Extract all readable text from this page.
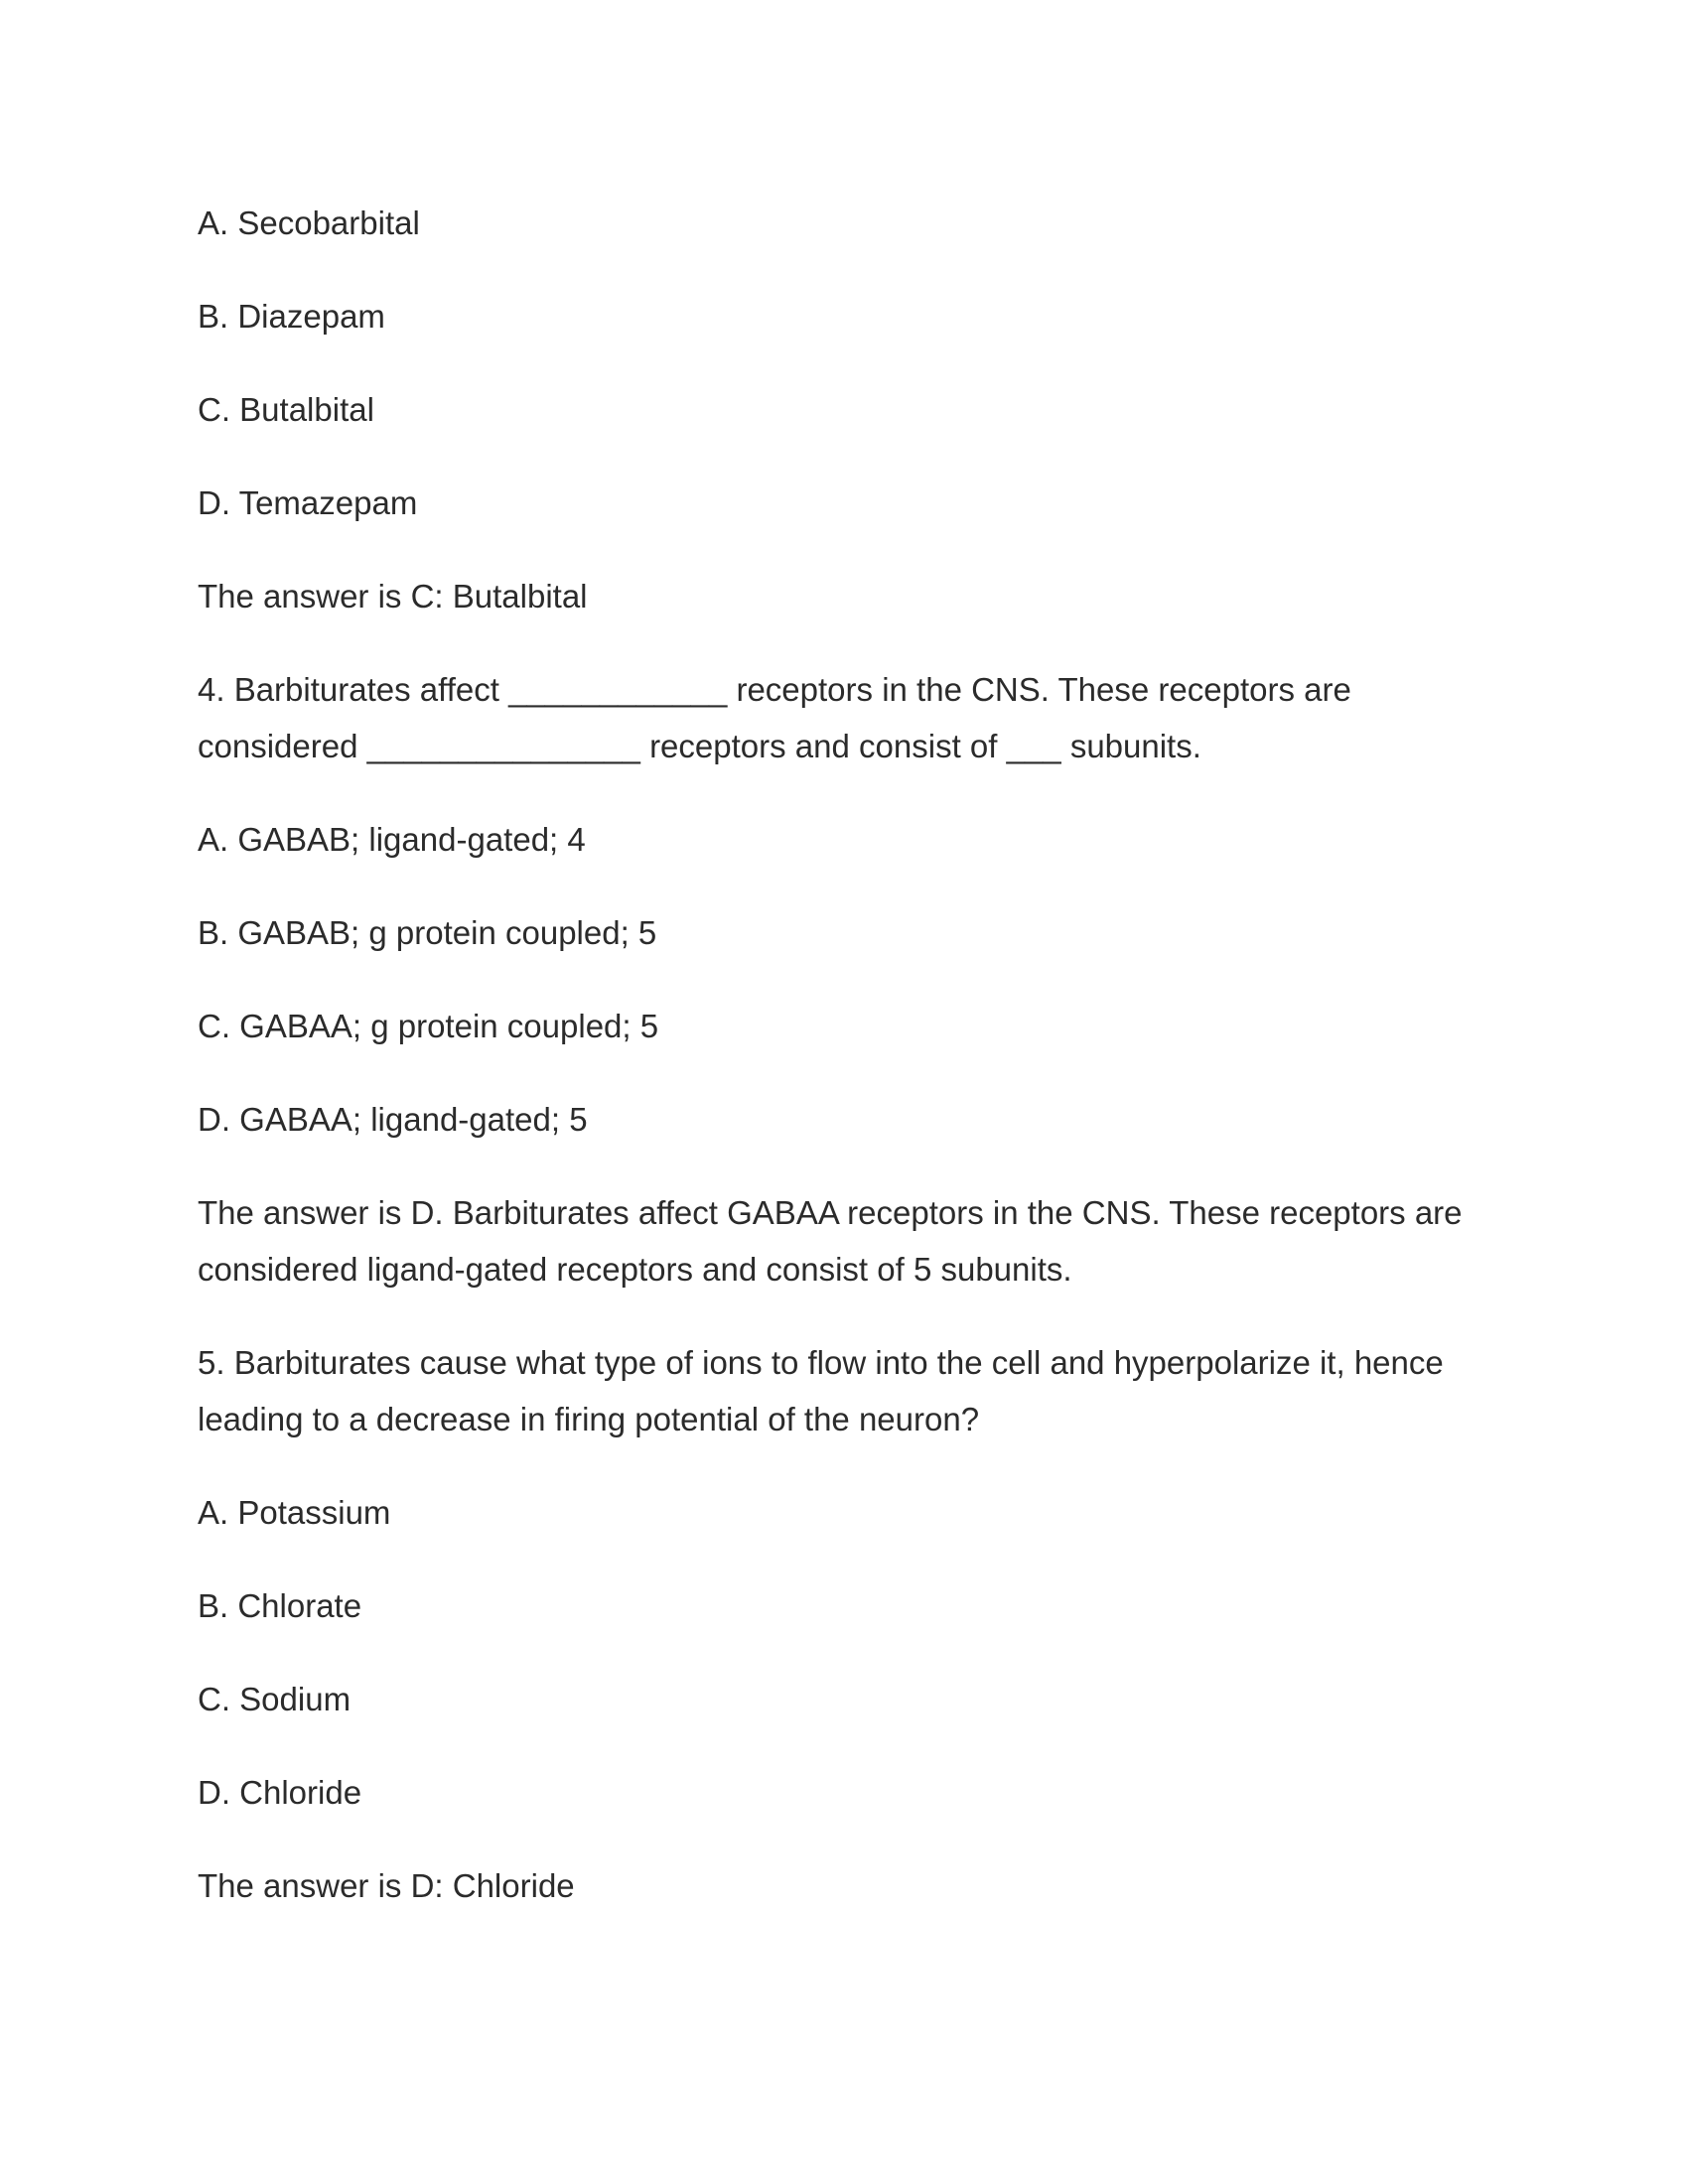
A. Secobarbital

B. Diazepam

C. Butalbital

D. Temazepam

The answer is C: Butalbital

4. Barbiturates affect ____________ receptors in the CNS. These receptors are considered _______________ receptors and consist of ___ subunits.

A. GABAB; ligand-gated; 4

B. GABAB; g protein coupled; 5

C. GABAA; g protein coupled; 5

D. GABAA; ligand-gated; 5

The answer is D. Barbiturates affect GABAA receptors in the CNS. These receptors are considered ligand-gated receptors and consist of 5 subunits.

5. Barbiturates cause what type of ions to flow into the cell and hyperpolarize it, hence leading to a decrease in firing potential of the neuron?

A. Potassium

B. Chlorate

C. Sodium

D. Chloride

The answer is D: Chloride
